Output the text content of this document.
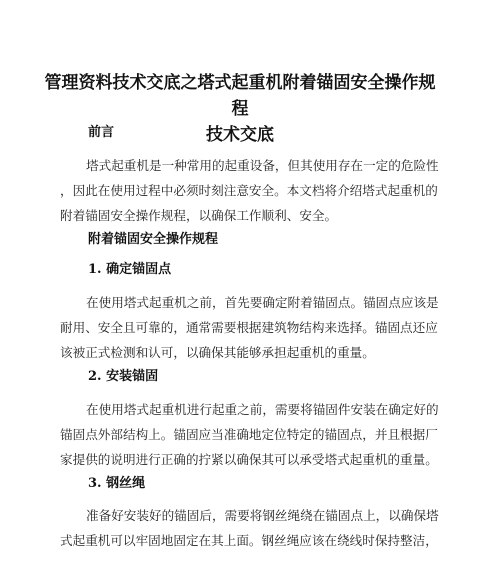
管理资料技术交底之塔式起重机附着锚固安全操作规程
技术交底
前言
塔式起重机是一种常用的起重设备，但其使用存在一定的危险性
，因此在使用过程中必须时刻注意安全。本文档将介绍塔式起重机的
附着锚固安全操作规程，以确保工作顺利、安全。
附着锚固安全操作规程
1. 确定锚固点
在使用塔式起重机之前，首先要确定附着锚固点。锚固点应该是
耐用、安全且可靠的，通常需要根据建筑物结构来选择。锚固点还应
该被正式检测和认可，以确保其能够承担起重机的重量。
2. 安装锚固
在使用塔式起重机进行起重之前，需要将锚固件安装在确定好的
锚固点外部结构上。锚固应当准确地定位特定的锚固点，并且根据厂
家提供的说明进行正确的拧紧以确保其可以承受塔式起重机的重量。
3. 钢丝绳
准备好安装好的锚固后，需要将钢丝绳绕在锚固点上，以确保塔
式起重机可以牢固地固定在其上面。钢丝绳应该在绕线时保持整洁，
